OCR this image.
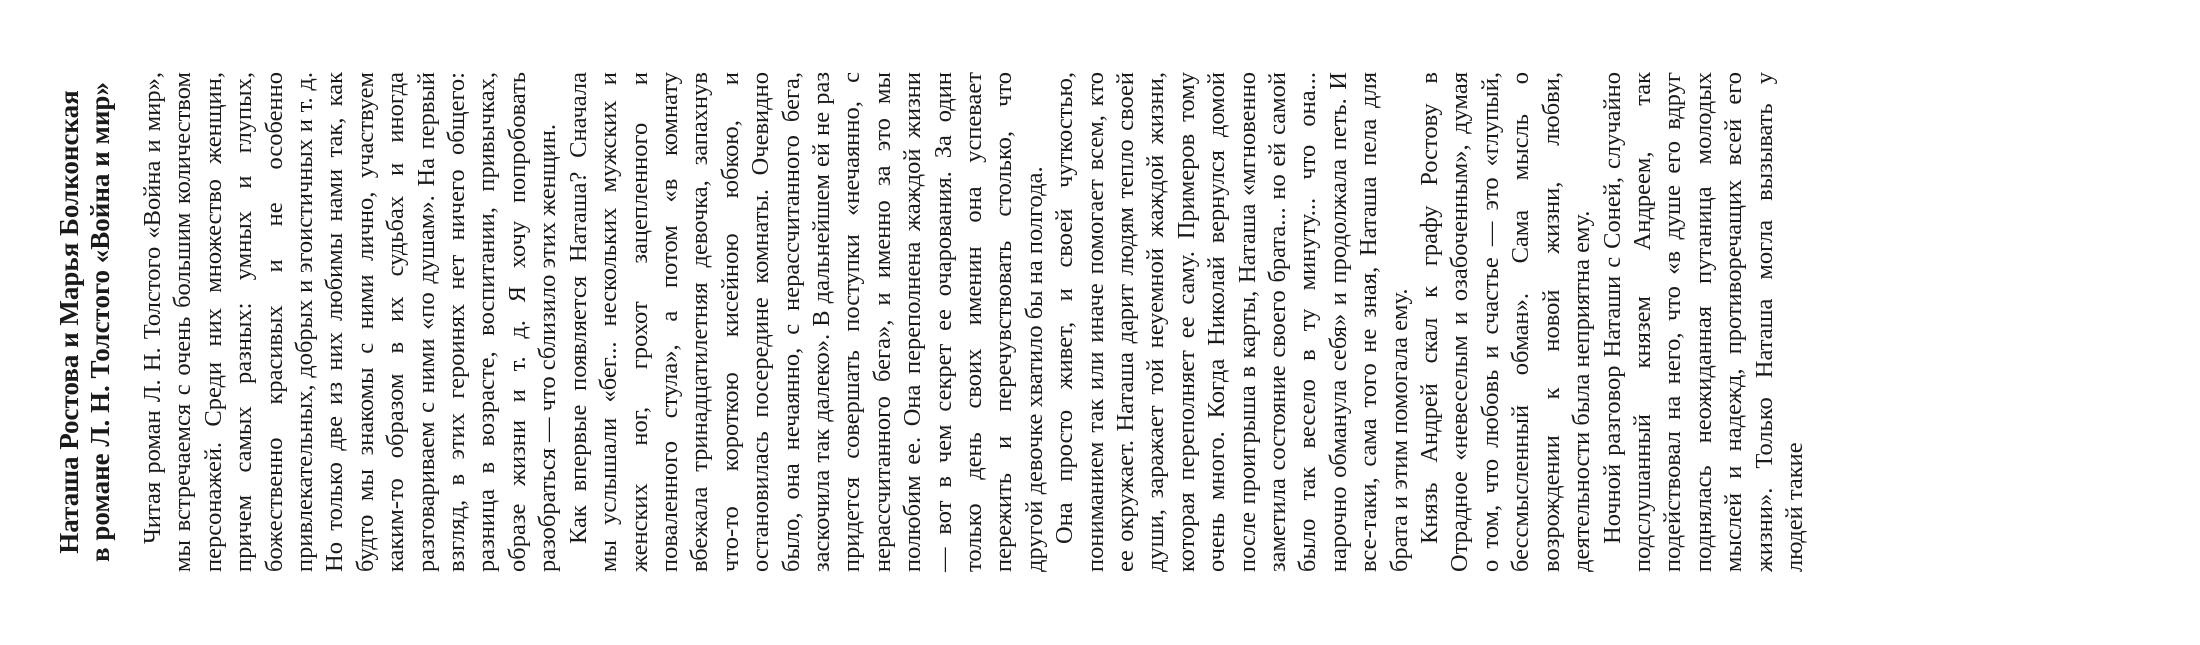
Наташа Ростова и Марья Болконская в романе Л. Н. Толстого «Война и мир» Читая роман Л. Н. Толстого «Война и мир», мы встречаемся с очень большим количеством персонажей. Среди них множество женщин, причем самых разных: умных и глупых, божественно красивых и не особенно привлекательных, добрых и эгоистичных и т. д. Но только две из них любимы нами так, как будто мы знакомы с ними лично, участвуем каким-то образом в их судьбах и иногда разговариваем с ними «по душам». На первый взгляд, в этих героинях нет ничего общего: разница в возрасте, воспитании, привычках, образе жизни и т. д. Я хочу попробовать разобраться — что сблизило этих женщин. Как впервые появляется Наташа? Сначала мы услышали «бег... нескольких мужских и женских ног, грохот зацепленного и поваленного стула», а потом «в комнату вбежала тринадцатилетняя девочка, запахнув что-то короткою кисейною юбкою, и остановилась посередине комнаты. Очевидно было, она нечаянно, с нерассчитанного бега, заскочила так далеко». В дальнейшем ей не раз придется совершать поступки «нечаянно, с нерассчитанного бега», и именно за это мы полюбим ее. Она переполнена жаждой жизни — вот в чем секрет ее очарования. За один только день своих именин она успевает пережить и перечувствовать столько, что другой девочке хватило бы на полгода. Она просто живет, и своей чуткостью, пониманием так или иначе помогает всем, кто ее окружает. Наташа дарит людям тепло своей души, заражает той неуемной жаждой жизни, которая переполняет ее саму. Примеров тому очень много. Когда Николай вернулся домой после проигрыша в карты, Наташа «мгновенно заметила состояние своего брата... но ей самой было так весело в ту минуту... что она... нарочно обманула себя» и продолжала петь. И все-таки, сама того не зная, Наташа пела для брата и этим помогала ему. Князь Андрей скал к графу Ростову в Отрадное «невеселым и озабоченным», думая о том, что любовь и счастье — это «глупый, бессмысленный обман». Сама мысль о возрождении к новой жизни, любви, деятельности была неприятна ему. Ночной разговор Наташи с Соней, случайно подслушанный князем Андреем, так подействовал на него, что «в душе его вдруг поднялась неожиданная путаница молодых мыслей и надежд, противоречащих всей его жизни». Только Наташа могла вызывать у людей такие
